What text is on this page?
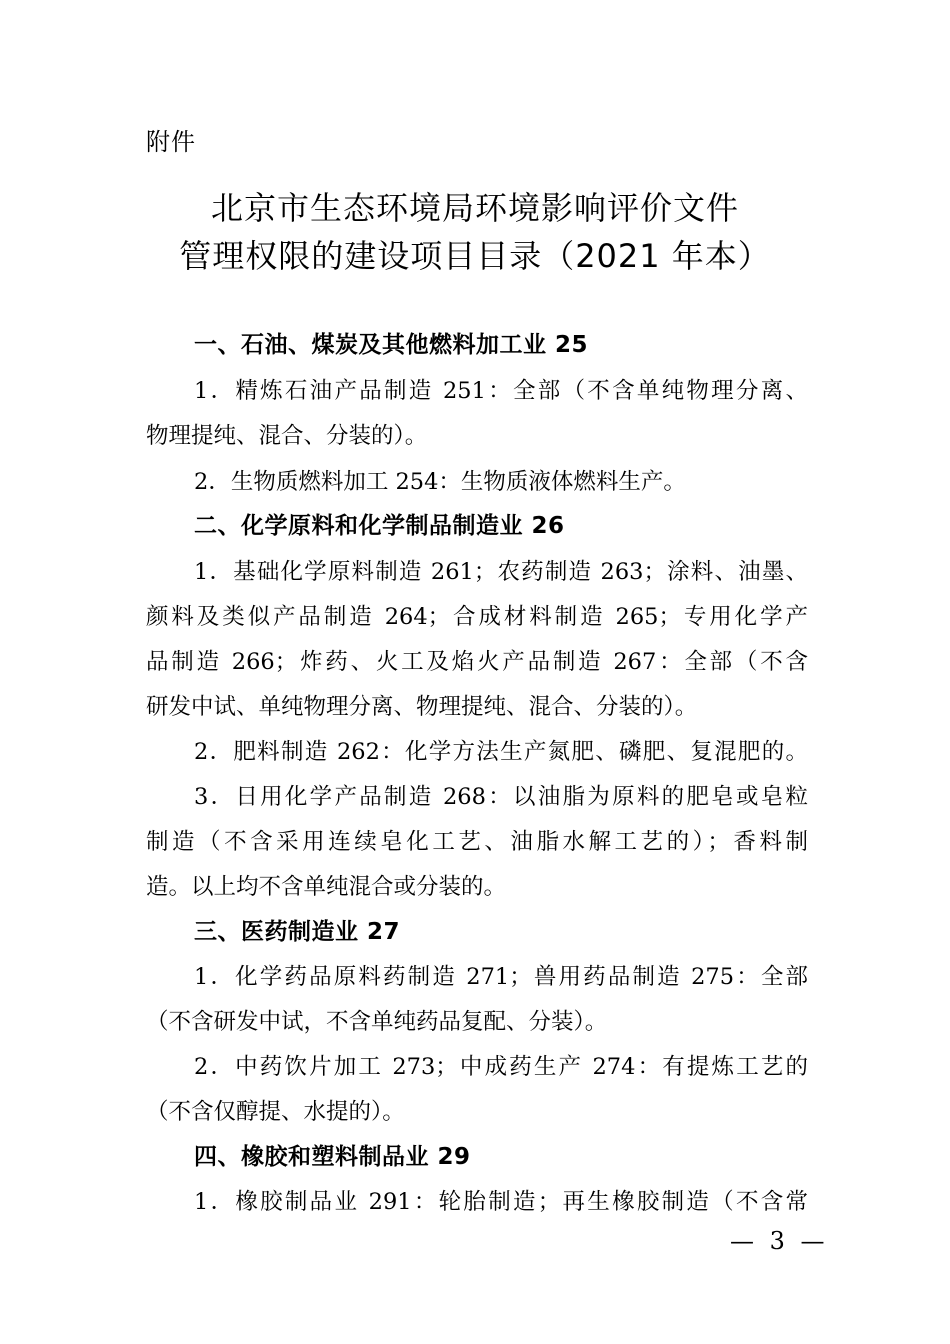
附件
北京市生态环境局环境影响评价文件
管理权限的建设项目目录（2021 年本）
一、石油、煤炭及其他燃料加工业 25
1．精炼石油产品制造 251：全部（不含单纯物理分离、
物理提纯、混合、分装的）。
2．生物质燃料加工 254：生物质液体燃料生产。
二、化学原料和化学制品制造业 26
1．基础化学原料制造 261；农药制造 263；涂料、油墨、
颜料及类似产品制造 264；合成材料制造 265；专用化学产
品制造 266；炸药、火工及焰火产品制造 267：全部（不含
研发中试、单纯物理分离、物理提纯、混合、分装的）。
2．肥料制造 262：化学方法生产氮肥、磷肥、复混肥的。
3．日用化学产品制造 268：以油脂为原料的肥皂或皂粒
制造（不含采用连续皂化工艺、油脂水解工艺的）；香料制
造。以上均不含单纯混合或分装的。
三、医药制造业 27
1．化学药品原料药制造 271；兽用药品制造 275：全部
（不含研发中试，不含单纯药品复配、分装）。
2．中药饮片加工 273；中成药生产 274：有提炼工艺的
（不含仅醇提、水提的）。
四、橡胶和塑料制品业 29
1．橡胶制品业 291：轮胎制造；再生橡胶制造（不含常
— 3 —
